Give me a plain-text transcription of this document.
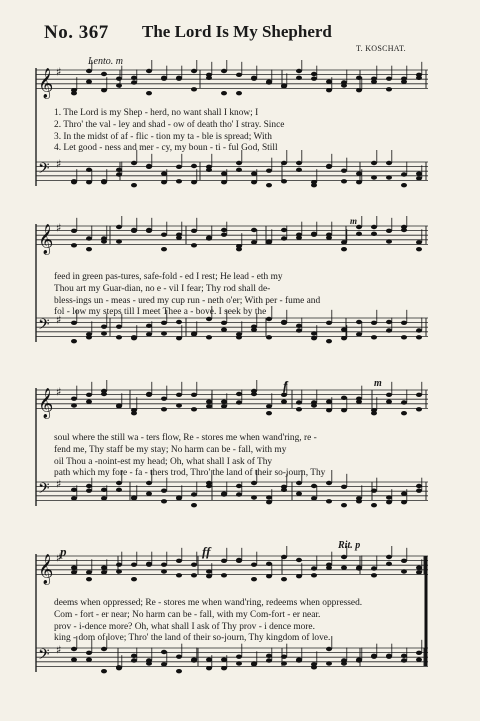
No. 367 The Lord Is My Shepherd
T. KOSCHAT.
Lento. m
𝄞 ♯
𝄢 ♯
1. The Lord is my Shep - herd, no want shall I know; I
2. Thro' the val - ley and shad - ow of death tho' I stray. Since
3. In the midst of af - flic - tion my ta - ble is spread; With
4. Let good - ness and mer - cy, my boun - ti - ful God, Still
m
𝄞 ♯
𝄢 ♯
feed in green pas-tures, safe-fold - ed I rest; He lead - eth my
Thou art my Guar-dian, no e - vil I fear; Thy rod shall de-
bless-ings un - meas - ured my cup run - neth o'er; With per - fume and
fol - low my steps till I meet Thee a - bove. I seek by the
f	m
𝄞 ♯
𝄢 ♯
soul where the still wa - ters flow, Re - stores me when wand'ring, re -
fend me, Thy staff be my stay; No harm can be - fall, with my
oil Thou a -noint-est my head; Oh, what shall I ask of Thy
path which my fore - fa - thers trod, Thro' the land of their so-journ, Thy
p	ff	Rit. p
𝄞 ♯
𝄢 ♯
deems when oppressed; Re - stores me when wand'ring, redeems when oppressed.
Com - fort - er near; No harm can be - fall, with my Com-fort - er near.
prov - i-dence more? Oh, what shall I ask of Thy prov - i dence more.
king - dom of love; Thro' the land of their so-journ, Thy kingdom of love.
